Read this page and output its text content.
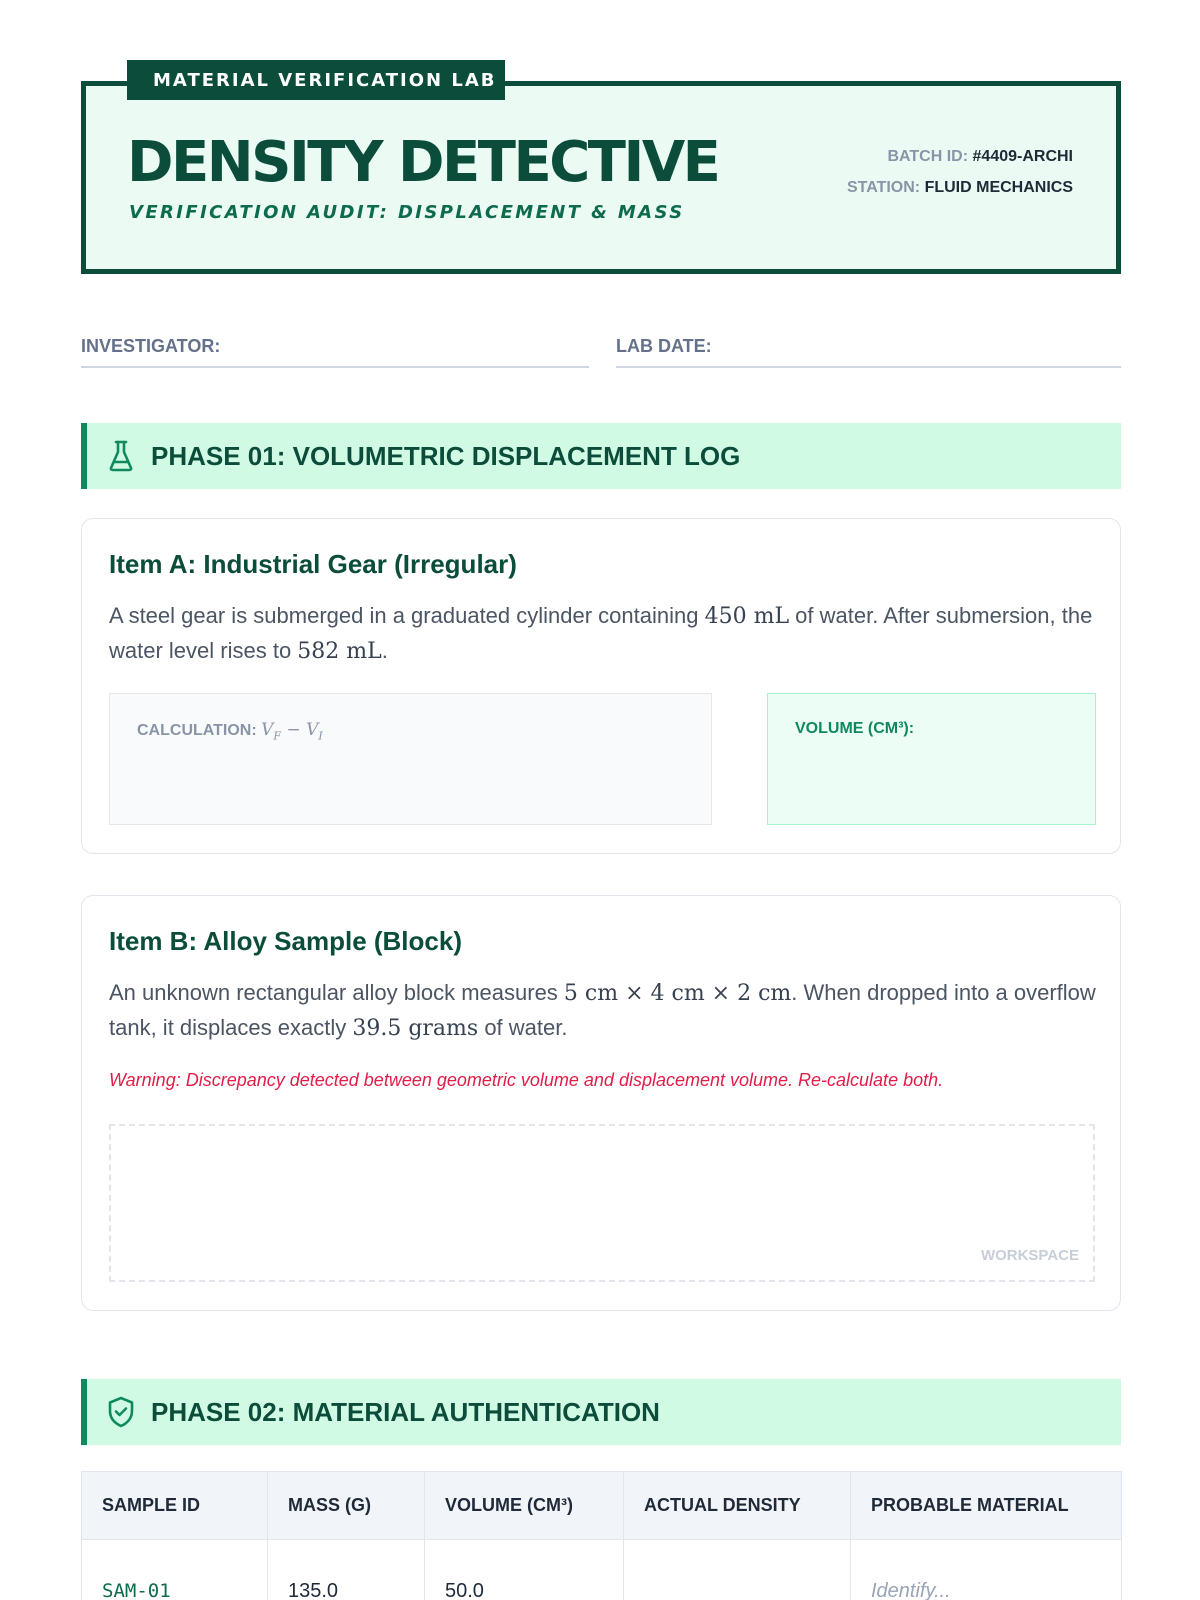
MATERIAL VERIFICATION LAB
DENSITY DETECTIVE
VERIFICATION AUDIT: DISPLACEMENT & MASS
BATCH ID: #4409-ARCHI
STATION: FLUID MECHANICS
INVESTIGATOR:	LAB DATE:
PHASE 01: VOLUMETRIC DISPLACEMENT LOG
Item A: Industrial Gear (Irregular)
A steel gear is submerged in a graduated cylinder containing 450 mL of water. After submersion, the water level rises to 582 mL.
CALCULATION: $V_F - V_I$	VOLUME (CM³):
Item B: Alloy Sample (Block)
An unknown rectangular alloy block measures 5 cm × 4 cm × 2 cm. When dropped into a overflow tank, it displaces exactly 39.5 grams of water.
Warning: Discrepancy detected between geometric volume and displacement volume. Re-calculate both.
WORKSPACE
PHASE 02: MATERIAL AUTHENTICATION
SAMPLE ID	MASS (G)	VOLUME (CM³)	ACTUAL DENSITY	PROBABLE MATERIAL
SAM-01	135.0	50.0		Identify...
